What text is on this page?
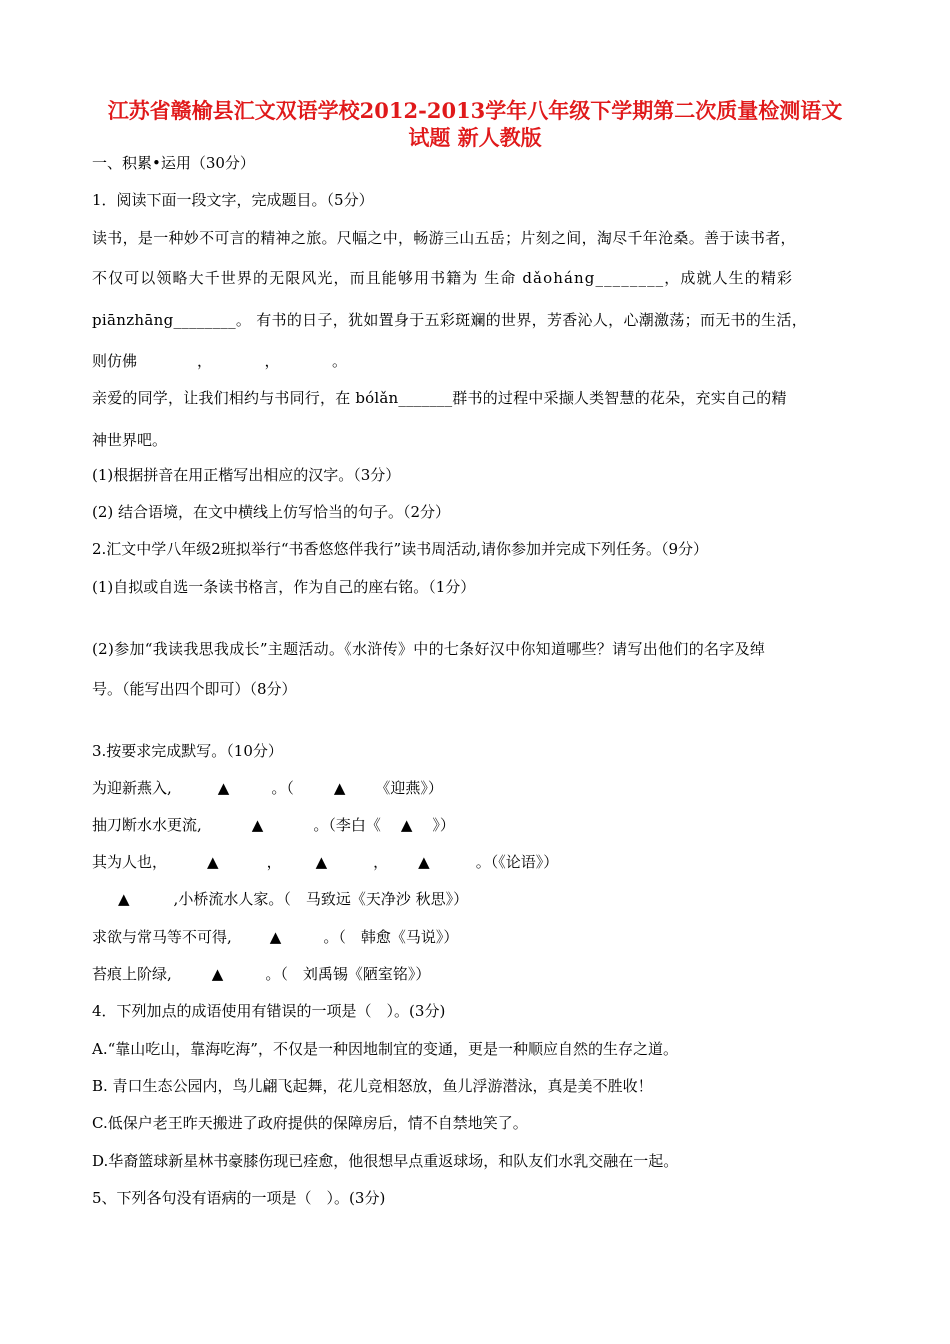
江苏省赣榆县汇文双语学校2012-2013学年八年级下学期第二次质量检测语文
试题 新人教版
一、积累•运用（30分）
1．阅读下面一段文字，完成题目。（5分）
读书，是一种妙不可言的精神之旅。尺幅之中，畅游三山五岳；片刻之间，淘尽千年沧桑。善于读书者，
不仅可以领略大千世界的无限风光，而且能够用书籍为 生命 dǎoháng________，成就人生的精彩
piānzhāng________。 有书的日子，犹如置身于五彩斑斓的世界，芳香沁人，心潮激荡；而无书的生活，
则仿佛　　　　，　　　　，　　　　。
亲爱的同学，让我们相约与书同行，在 bólǎn_______群书的过程中采撷人类智慧的花朵，充实自己的精
神世界吧。
(1)根据拼音在用正楷写出相应的汉字。（3分）
(2) 结合语境，在文中横线上仿写恰当的句子。（2分）
2.汇文中学八年级2班拟举行“书香悠悠伴我行”读书周活动,请你参加并完成下列任务。（9分）
(1)自拟或自选一条读书格言，作为自己的座右铭。（1分）
(2)参加“我读我思我成长”主题活动。《水浒传》中的七条好汉中你知道哪些？请写出他们的名字及绰
号。（能写出四个即可）（8分）
3.按要求完成默写。（10分）
为迎新燕入,	▲	。（	▲ 《迎燕》）
抽刀断水水更流,	▲	。（李白《 ▲ 》）
其为人也，	▲	， ▲	， ▲	。（《论语》）
▲	,小桥流水人家。（　马致远《天净沙 秋思》）
求欲与常马等不可得,	▲	。（　韩愈《马说》）
苔痕上阶绿,	▲	。（　刘禹锡《陋室铭》）
4．下列加点的成语使用有错误的一项是（　）。(3分)
A.“靠山吃山，靠海吃海”，不仅是一种因地制宜的变通，更是一种顺应自然的生存之道。
B. 青口生态公园内，鸟儿翩飞起舞，花儿竞相怒放，鱼儿浮游潜泳，真是美不胜收！
C.低保户老王昨天搬进了政府提供的保障房后，情不自禁地笑了。
D.华裔篮球新星林书豪膝伤现已痊愈，他很想早点重返球场，和队友们水乳交融在一起。
5、下列各句没有语病的一项是（　）。(3分)
